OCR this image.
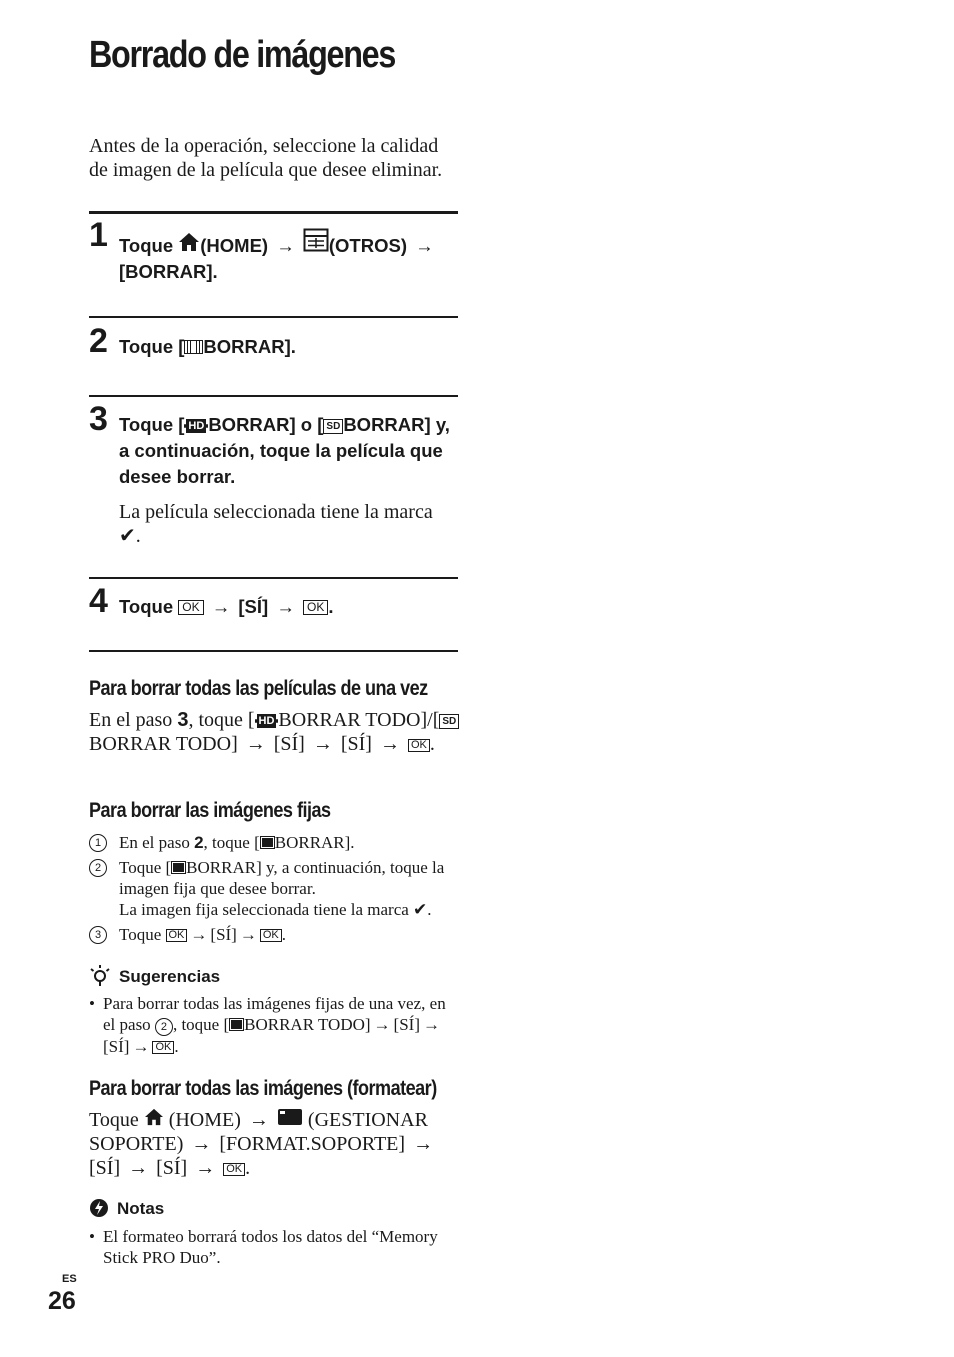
Borrado de imágenes
Antes de la operación, seleccione la calidad de imagen de la película que desee eliminar.
1 Toque (HOME) → (OTROS) →
[BORRAR].
2 Toque [ BORRAR].
3 Toque [ HD BORRAR] o [ SD BORRAR] y, a continuación, toque la película que desee borrar.
La película seleccionada tiene la marca
✔.
4 Toque OK → [SÍ] → OK .
Para borrar todas las películas de una vez
En el paso 3, toque [ HD BORRAR TODO]/[ SDBORRAR TODO] → [SÍ] → [SÍ] → OK .
Para borrar las imágenes fijas
1	En el paso 2, toque [ BORRAR].
2	Toque [ BORRAR] y, a continuación, toque la imagen fija que desee borrar.
La imagen fija seleccionada tiene la marca ✔.
3	Toque OK → [SÍ] → OK .
Sugerencias
• Para borrar todas las imágenes fijas de una vez, en el paso 2 , toque [ BORRAR TODO] → [SÍ] →[SÍ] → OK .
Para borrar todas las imágenes (formatear)
Toque (HOME) → (GESTIONAR SOPORTE) → [FORMAT.SOPORTE] → [SÍ] → [SÍ] → OK .
Notas
• El formateo borrará todos los datos del “Memory Stick PRO Duo”.
ES
26
